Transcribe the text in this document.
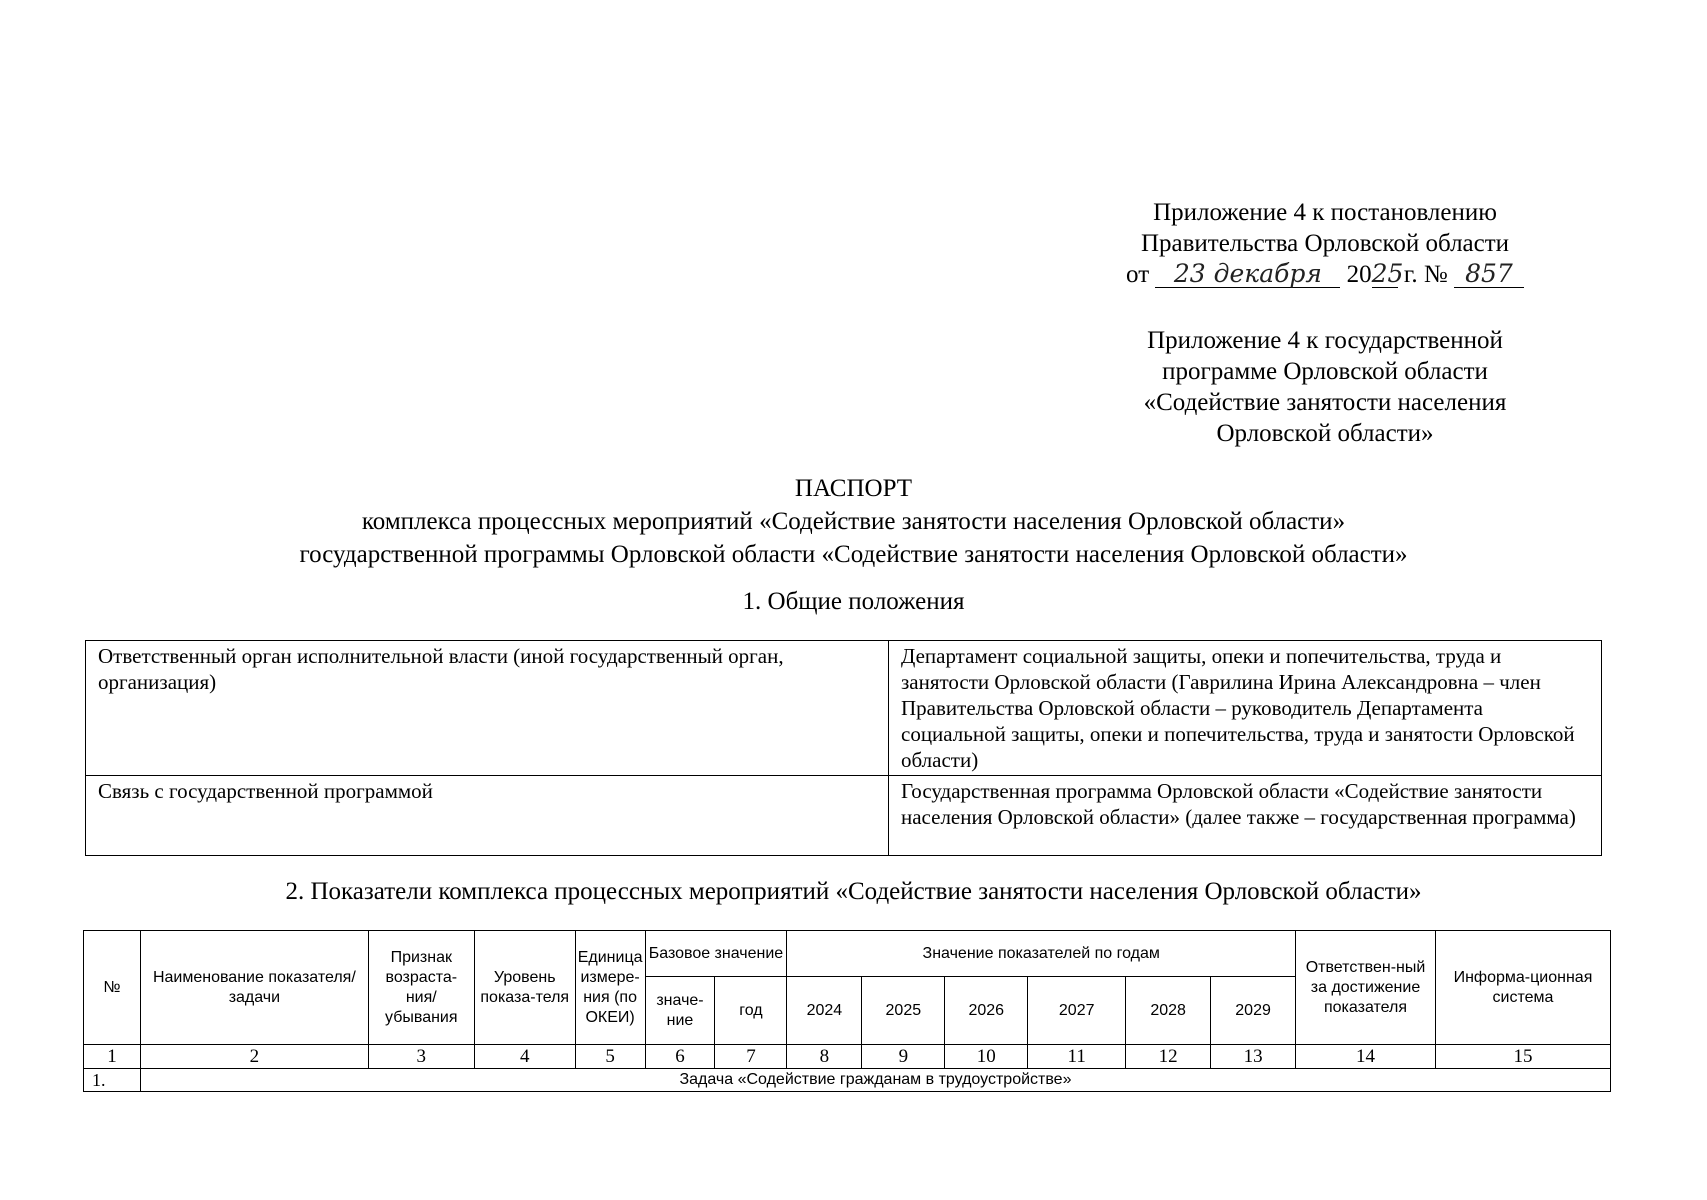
Приложение 4 к постановлению
Правительства Орловской области
от 23 декабря 2025 г. № 857
Приложение 4 к государственной
программе Орловской области
«Содействие занятости населения
Орловской области»
ПАСПОРТ
комплекса процессных мероприятий «Содействие занятости населения Орловской области»
государственной программы Орловской области «Содействие занятости населения Орловской области»
1. Общие положения
Ответственный орган исполнительной власти (иной государственный орган, организация)	Департамент социальной защиты, опеки и попечительства, труда и занятости Орловской области (Гаврилина Ирина Александровна – член Правительства Орловской области – руководитель Департамента социальной защиты, опеки и попечительства, труда и занятости Орловской области)
Связь с государственной программой	Государственная программа Орловской области «Содействие занятости населения Орловской области» (далее также – государственная программа)
2. Показатели комплекса процессных мероприятий «Содействие занятости населения Орловской области»
№	Наименование показателя/задачи	Признак возраста-ния/ убывания	Уровень показа-теля	Единица измере-ния (по ОКЕИ)	Базовое значение		Значение показателей по годам						Ответствен-ный за достижение показателя	Информа-ционная система
					значе-ние	год	2024	2025	2026	2027	2028	2029		
1	2	3	4	5	6	7	8	9	10	11	12	13	14	15
1.	Задача «Содействие гражданам в трудоустройстве»													
